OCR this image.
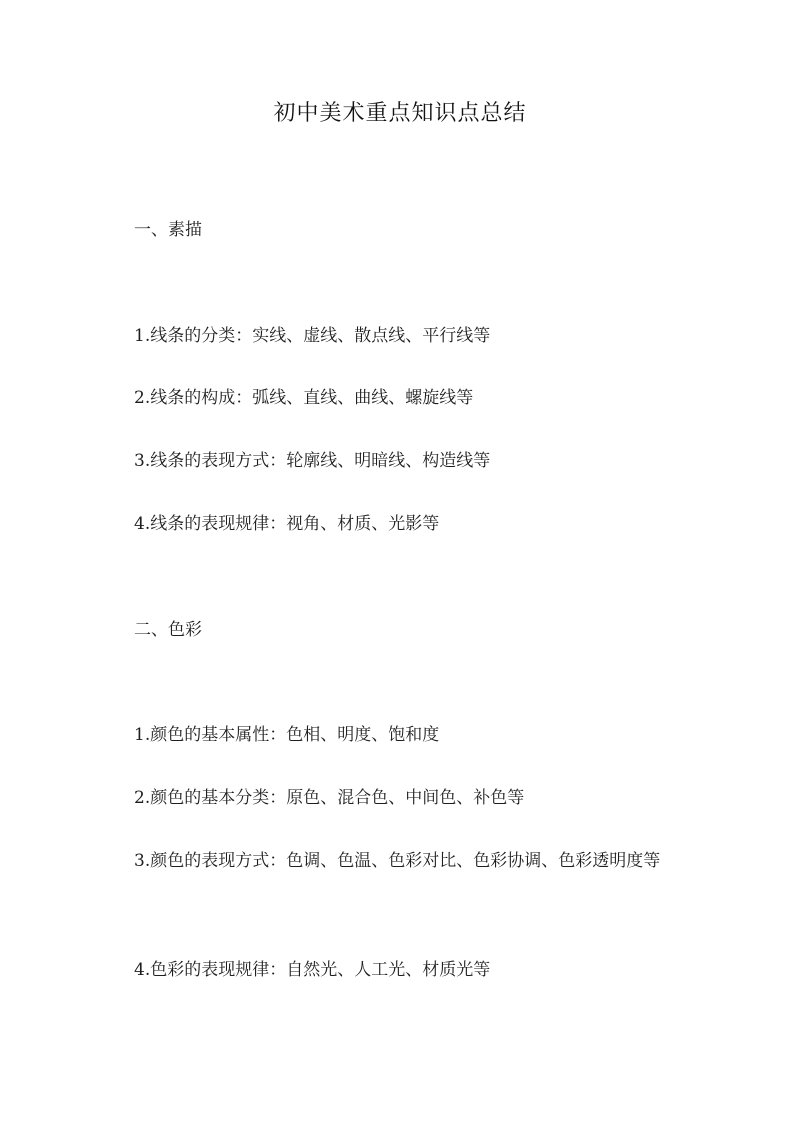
初中美术重点知识点总结
一、素描
1.线条的分类：实线、虚线、散点线、平行线等
2.线条的构成：弧线、直线、曲线、螺旋线等
3.线条的表现方式：轮廓线、明暗线、构造线等
4.线条的表现规律：视角、材质、光影等
二、色彩
1.颜色的基本属性：色相、明度、饱和度
2.颜色的基本分类：原色、混合色、中间色、补色等
3.颜色的表现方式：色调、色温、色彩对比、色彩协调、色彩透明度等
4.色彩的表现规律：自然光、人工光、材质光等
